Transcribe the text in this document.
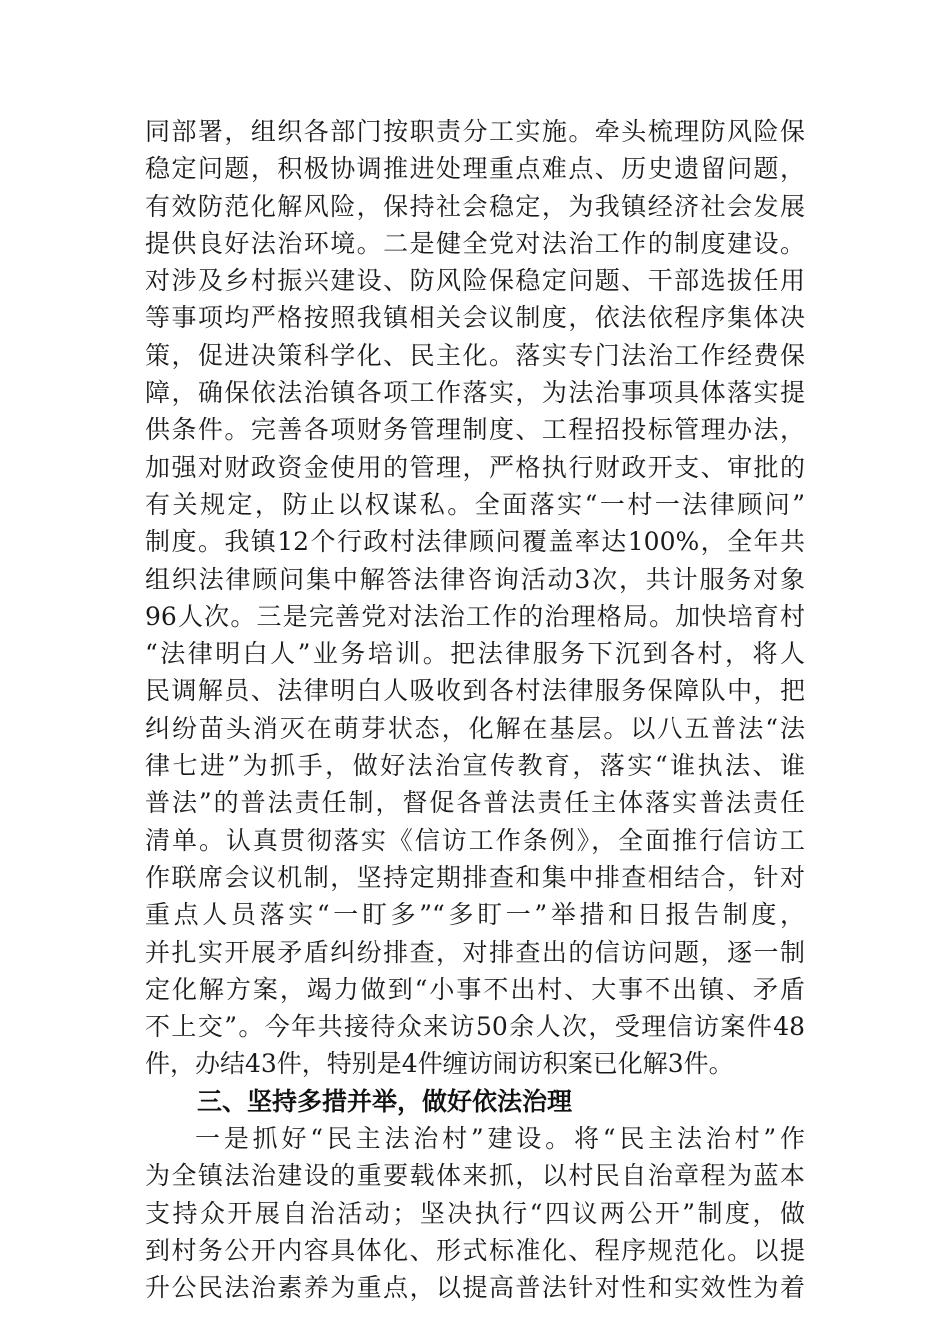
同部署，组织各部门按职责分工实施。牵头梳理防风险保
稳定问题，积极协调推进处理重点难点、历史遗留问题，
有效防范化解风险，保持社会稳定，为我镇经济社会发展
提供良好法治环境。二是健全党对法治工作的制度建设。
对涉及乡村振兴建设、防风险保稳定问题、干部选拔任用
等事项均严格按照我镇相关会议制度，依法依程序集体决
策，促进决策科学化、民主化。落实专门法治工作经费保
障，确保依法治镇各项工作落实，为法治事项具体落实提
供条件。完善各项财务管理制度、工程招投标管理办法，
加强对财政资金使用的管理，严格执行财政开支、审批的
有关规定，防止以权谋私。全面落实“一村一法律顾问”
制度。我镇12个行政村法律顾问覆盖率达100%，全年共
组织法律顾问集中解答法律咨询活动3次，共计服务对象
96人次。三是完善党对法治工作的治理格局。加快培育村
“法律明白人”业务培训。把法律服务下沉到各村，将人
民调解员、法律明白人吸收到各村法律服务保障队中，把
纠纷苗头消灭在萌芽状态，化解在基层。以八五普法“法
律七进”为抓手，做好法治宣传教育，落实“谁执法、谁
普法”的普法责任制，督促各普法责任主体落实普法责任
清单。认真贯彻落实《信访工作条例》，全面推行信访工
作联席会议机制，坚持定期排查和集中排查相结合，针对
重点人员落实“一盯多”“多盯一”举措和日报告制度，
并扎实开展矛盾纠纷排查，对排查出的信访问题，逐一制
定化解方案，竭力做到“小事不出村、大事不出镇、矛盾
不上交”。今年共接待众来访50余人次，受理信访案件48
件，办结43件，特别是4件缠访闹访积案已化解3件。
三、坚持多措并举，做好依法治理
一是抓好“民主法治村”建设。将“民主法治村”作
为全镇法治建设的重要载体来抓，以村民自治章程为蓝本
支持众开展自治活动；坚决执行“四议两公开”制度，做
到村务公开内容具体化、形式标准化、程序规范化。以提
升公民法治素养为重点，以提高普法针对性和实效性为着
